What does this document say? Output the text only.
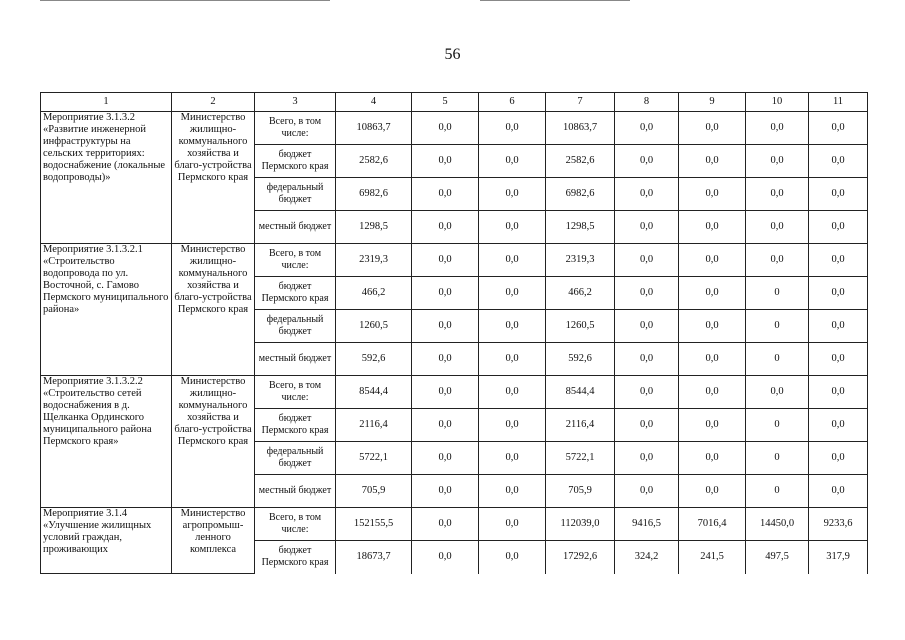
56
1	2	3	4	5	6	7	8	9	10	11
Мероприятие 3.1.3.2 «Развитие инженерной инфраструктуры на сельских территориях: водоснабжение (локальные водопроводы)»	Министерство жилищно-коммунального хозяйства и благо-устройства Пермского края	Всего, в том числе:	10863,7	0,0	0,0	10863,7	0,0	0,0	0,0	0,0
		бюджет Пермского края	2582,6	0,0	0,0	2582,6	0,0	0,0	0,0	0,0
		федеральный бюджет	6982,6	0,0	0,0	6982,6	0,0	0,0	0,0	0,0
		местный бюджет	1298,5	0,0	0,0	1298,5	0,0	0,0	0,0	0,0
Мероприятие 3.1.3.2.1 «Строительство водопровода по ул. Восточной, с. Гамово Пермского муниципального района»	Министерство жилищно-коммунального хозяйства и благо-устройства Пермского края	Всего, в том числе:	2319,3	0,0	0,0	2319,3	0,0	0,0	0,0	0,0
		бюджет Пермского края	466,2	0,0	0,0	466,2	0,0	0,0	0	0,0
		федеральный бюджет	1260,5	0,0	0,0	1260,5	0,0	0,0	0	0,0
		местный бюджет	592,6	0,0	0,0	592,6	0,0	0,0	0	0,0
Мероприятие 3.1.3.2.2 «Строительство сетей водоснабжения в д. Щелканка Ординского муниципального района Пермского края»	Министерство жилищно-коммунального хозяйства и благо-устройства Пермского края	Всего, в том числе:	8544,4	0,0	0,0	8544,4	0,0	0,0	0,0	0,0
		бюджет Пермского края	2116,4	0,0	0,0	2116,4	0,0	0,0	0	0,0
		федеральный бюджет	5722,1	0,0	0,0	5722,1	0,0	0,0	0	0,0
		местный бюджет	705,9	0,0	0,0	705,9	0,0	0,0	0	0,0
Мероприятие 3.1.4 «Улучшение жилищных условий граждан, проживающих	Министерство агропромыш-ленного комплекса	Всего, в том числе:	152155,5	0,0	0,0	112039,0	9416,5	7016,4	14450,0	9233,6
		бюджет Пермского края	18673,7	0,0	0,0	17292,6	324,2	241,5	497,5	317,9
